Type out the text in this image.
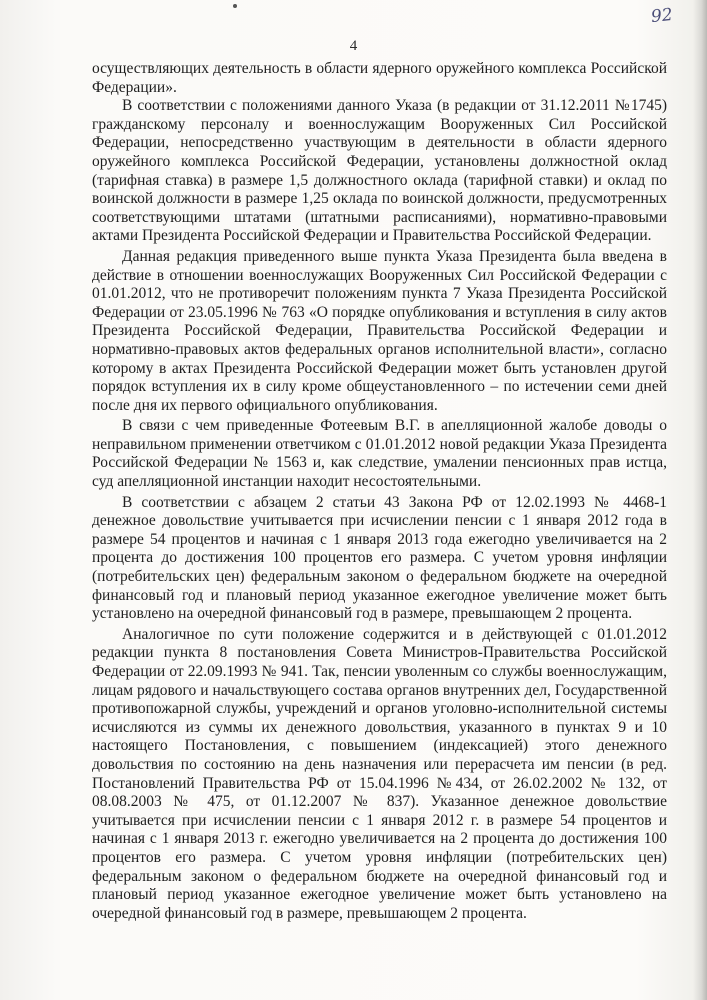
92
4

осуществляющих деятельность в области ядерного оружейного комплекса Российской Федерации».

В соответствии с положениями данного Указа (в редакции от 31.12.2011 №1745) гражданскому персоналу и военнослужащим Вооруженных Сил Российской Федерации, непосредственно участвующим в деятельности в области ядерного оружейного комплекса Российской Федерации, установлены должностной оклад (тарифная ставка) в размере 1,5 должностного оклада (тарифной ставки) и оклад по воинской должности в размере 1,25 оклада по воинской должности, предусмотренных соответствующими штатами (штатными расписаниями), нормативно-правовыми актами Президента Российской Федерации и Правительства Российской Федерации.

Данная редакция приведенного выше пункта Указа Президента была введена в действие в отношении военнослужащих Вооруженных Сил Российской Федерации с 01.01.2012, что не противоречит положениям пункта 7 Указа Президента Российской Федерации от 23.05.1996 № 763 «О порядке опубликования и вступления в силу актов Президента Российской Федерации, Правительства Российской Федерации и нормативно-правовых актов федеральных органов исполнительной власти», согласно которому в актах Президента Российской Федерации может быть установлен другой порядок вступления их в силу кроме общеустановленного – по истечении семи дней после дня их первого официального опубликования.

В связи с чем приведенные Фотеевым В.Г. в апелляционной жалобе доводы о неправильном применении ответчиком с 01.01.2012 новой редакции Указа Президента Российской Федерации № 1563 и, как следствие, умалении пенсионных прав истца, суд апелляционной инстанции находит несостоятельными.

В соответствии с абзацем 2 статьи 43 Закона РФ от 12.02.1993 № 4468-1 денежное довольствие учитывается при исчислении пенсии с 1 января 2012 года в размере 54 процентов и начиная с 1 января 2013 года ежегодно увеличивается на 2 процента до достижения 100 процентов его размера. С учетом уровня инфляции (потребительских цен) федеральным законом о федеральном бюджете на очередной финансовый год и плановый период указанное ежегодное увеличение может быть установлено на очередной финансовый год в размере, превышающем 2 процента.

Аналогичное по сути положение содержится и в действующей с 01.01.2012 редакции пункта 8 постановления Совета Министров-Правительства Российской Федерации от 22.09.1993 № 941. Так, пенсии уволенным со службы военнослужащим, лицам рядового и начальствующего состава органов внутренних дел, Государственной противопожарной службы, учреждений и органов уголовно-исполнительной системы исчисляются из суммы их денежного довольствия, указанного в пунктах 9 и 10 настоящего Постановления, с повышением (индексацией) этого денежного довольствия по состоянию на день назначения или перерасчета им пенсии (в ред. Постановлений Правительства РФ от 15.04.1996 №434, от 26.02.2002 № 132, от 08.08.2003 № 475, от 01.12.2007 № 837). Указанное денежное довольствие учитывается при исчислении пенсии с 1 января 2012 г. в размере 54 процентов и начиная с 1 января 2013 г. ежегодно увеличивается на 2 процента до достижения 100 процентов его размера. С учетом уровня инфляции (потребительских цен) федеральным законом о федеральном бюджете на очередной финансовый год и плановый период указанное ежегодное увеличение может быть установлено на очередной финансовый год в размере, превышающем 2 процента.
